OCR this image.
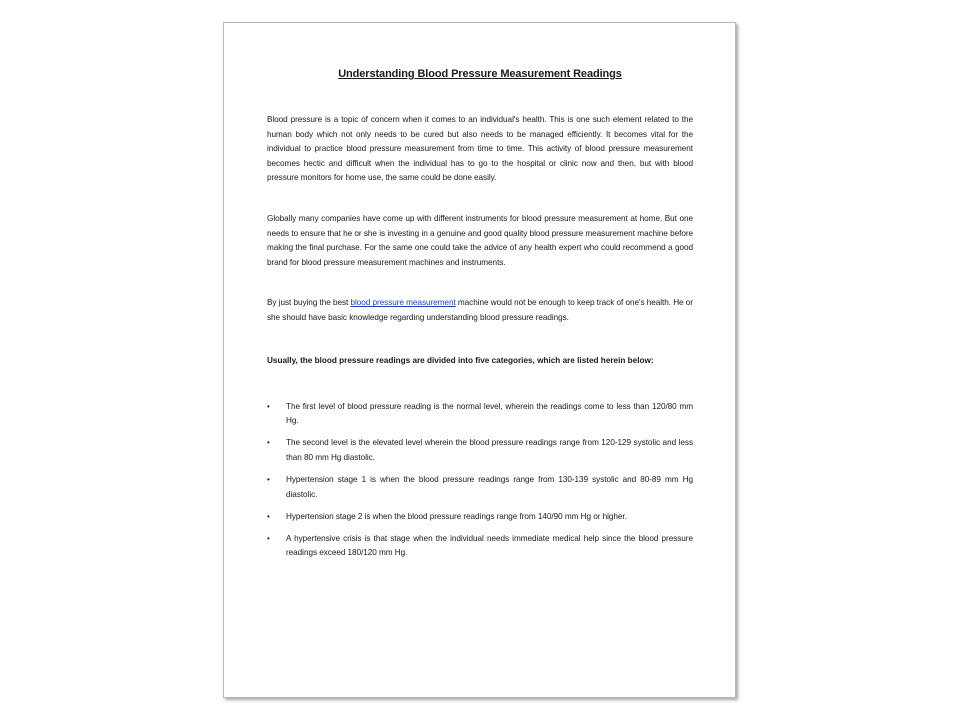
Understanding Blood Pressure Measurement Readings

Blood pressure is a topic of concern when it comes to an individual's health. This is one such element related to the human body which not only needs to be cured but also needs to be managed efficiently. It becomes vital for the individual to practice blood pressure measurement from time to time. This activity of blood pressure measurement becomes hectic and difficult when the individual has to go to the hospital or clinic now and then, but with blood pressure monitors for home use, the same could be done easily.

Globally many companies have come up with different instruments for blood pressure measurement at home. But one needs to ensure that he or she is investing in a genuine and good quality blood pressure measurement machine before making the final purchase. For the same one could take the advice of any health expert who could recommend a good brand for blood pressure measurement machines and instruments.

By just buying the best blood pressure measurement machine would not be enough to keep track of one's health. He or she should have basic knowledge regarding understanding blood pressure readings.

Usually, the blood pressure readings are divided into five categories, which are listed herein below:
• The first level of blood pressure reading is the normal level, wherein the readings come to less than 120/80 mm Hg.
• The second level is the elevated level wherein the blood pressure readings range from 120-129 systolic and less than 80 mm Hg diastolic.
• Hypertension stage 1 is when the blood pressure readings range from 130-139 systolic and 80-89 mm Hg diastolic.
• Hypertension stage 2 is when the blood pressure readings range from 140/90 mm Hg or higher.
• A hypertensive crisis is that stage when the individual needs immediate medical help since the blood pressure readings exceed 180/120 mm Hg.
